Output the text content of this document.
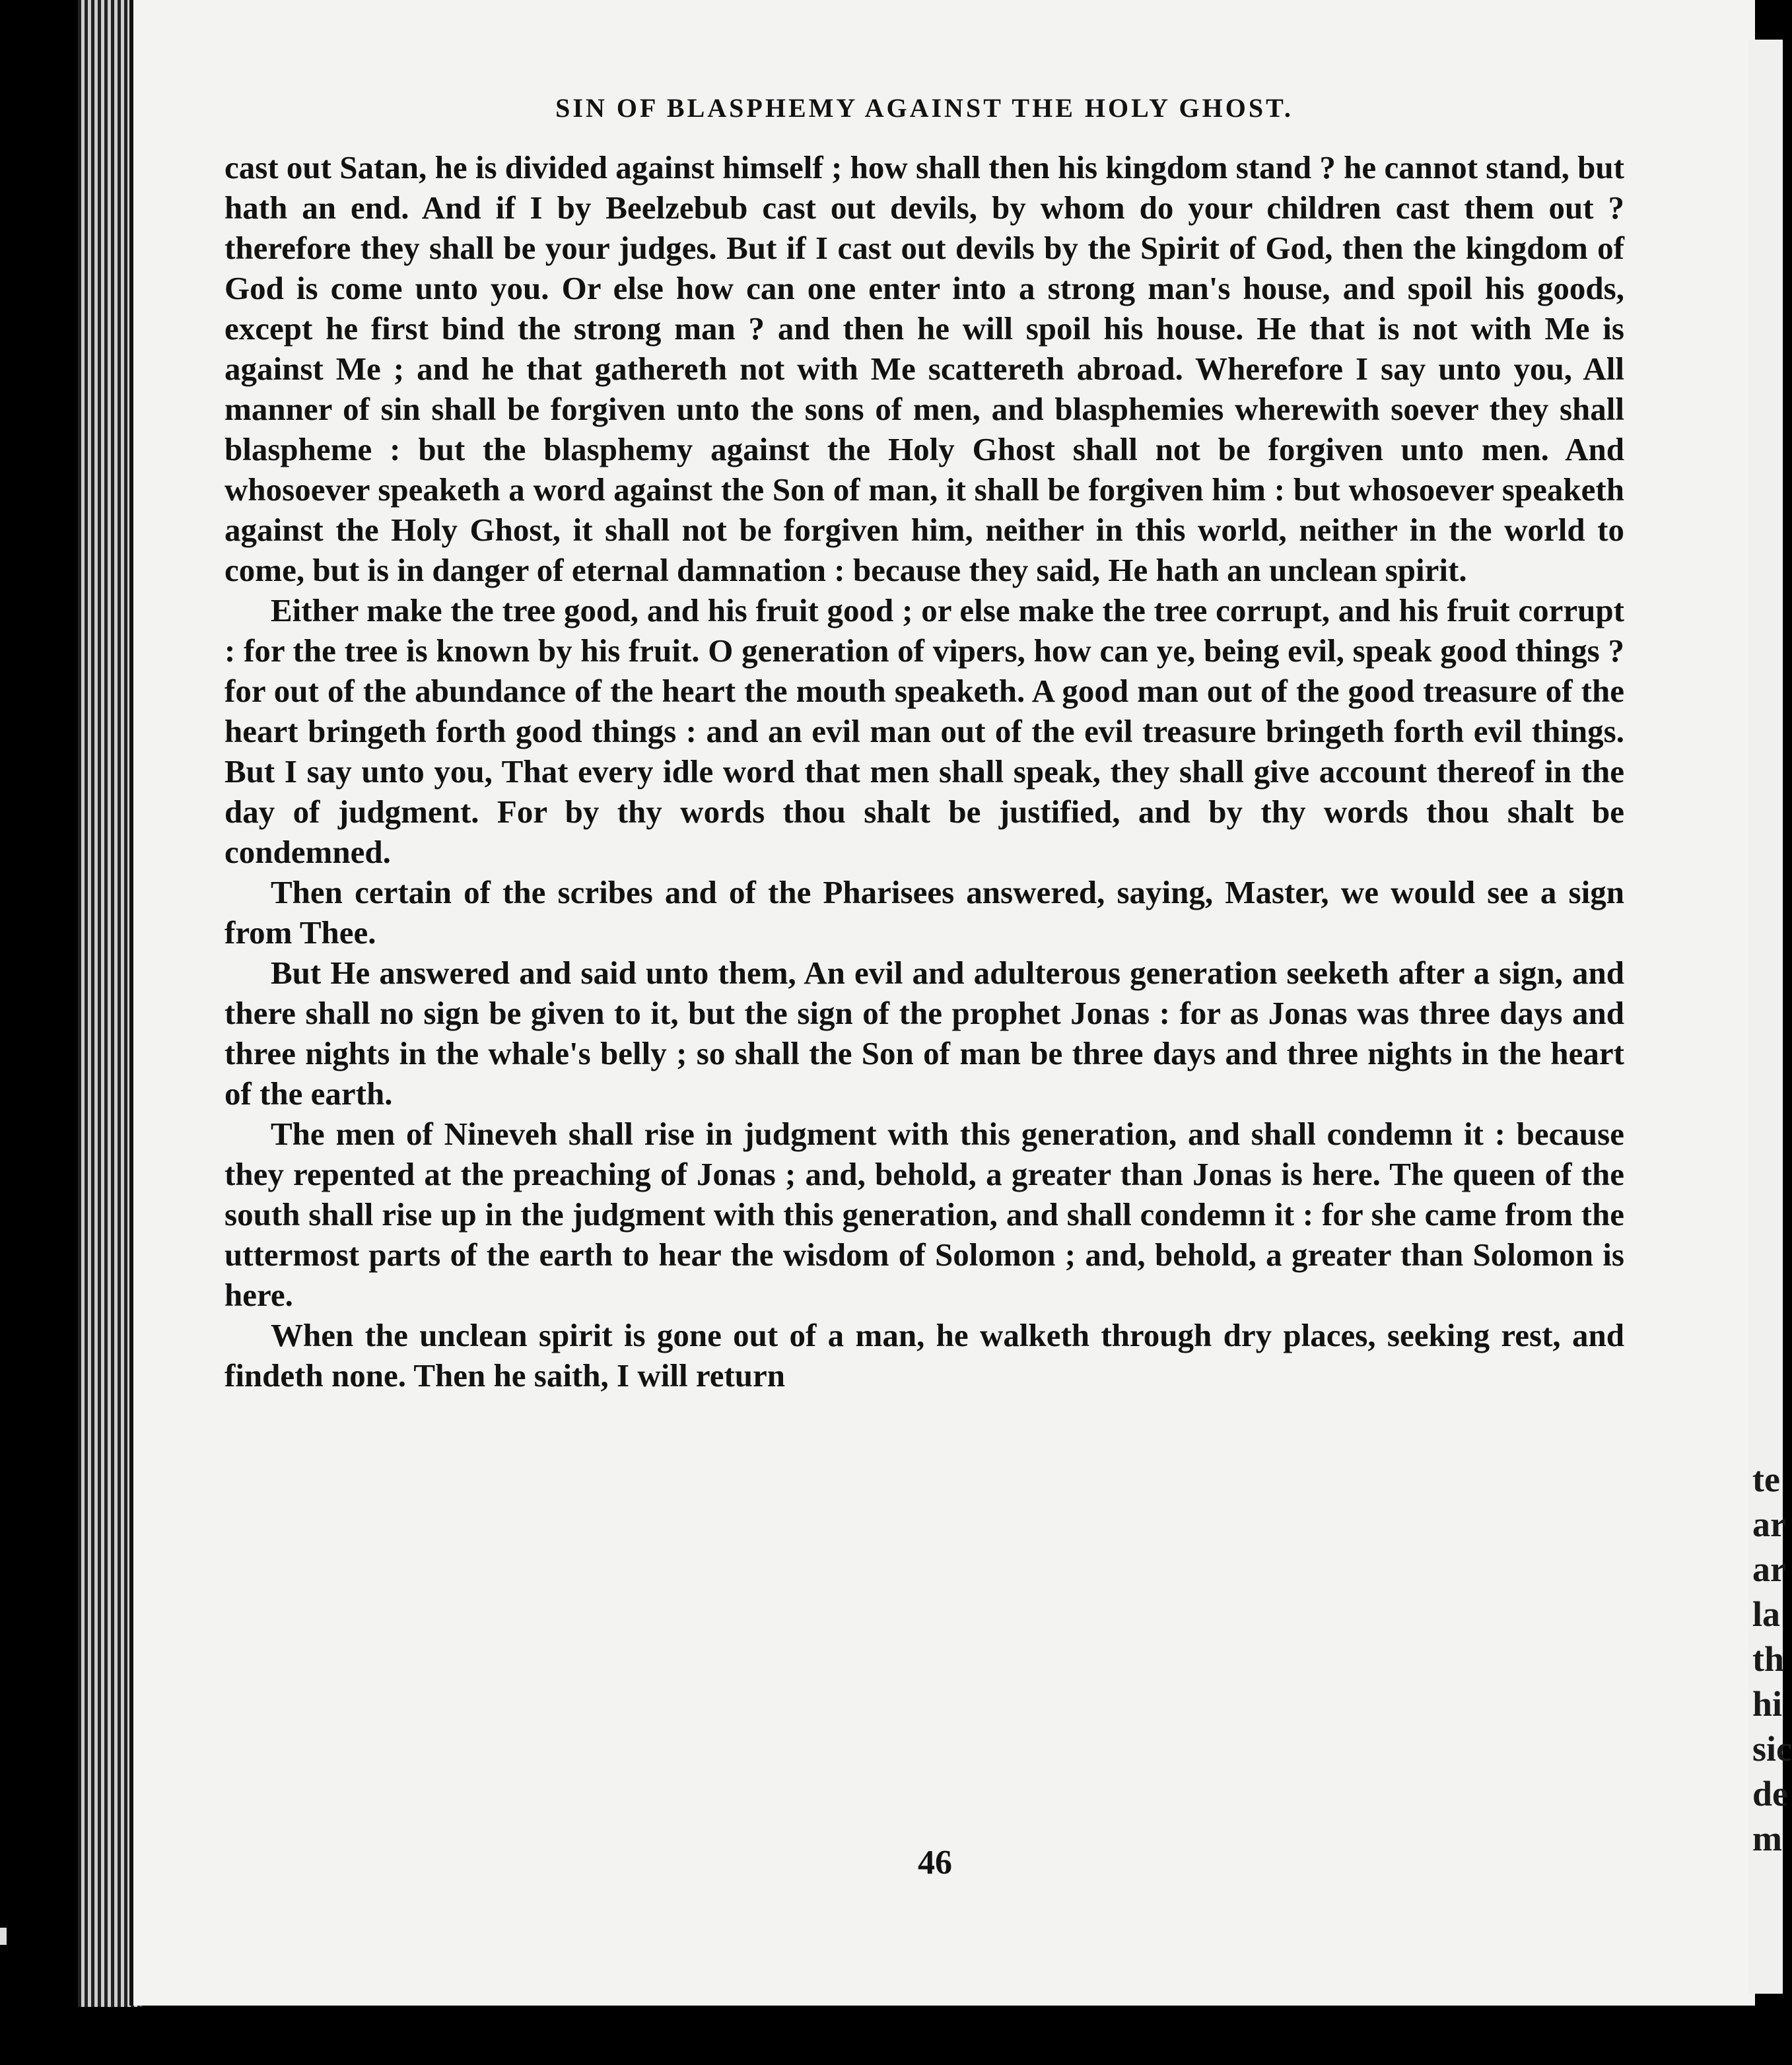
SIN OF BLASPHEMY AGAINST THE HOLY GHOST.

cast out Satan, he is divided against himself ; how shall then his kingdom stand ? he cannot stand, but hath an end. And if I by Beelzebub cast out devils, by whom do your children cast them out ? therefore they shall be your judges. But if I cast out devils by the Spirit of God, then the kingdom of God is come unto you. Or else how can one enter into a strong man's house, and spoil his goods, except he first bind the strong man ? and then he will spoil his house. He that is not with Me is against Me ; and he that gathereth not with Me scattereth abroad. Wherefore I say unto you, All manner of sin shall be forgiven unto the sons of men, and blasphemies wherewith soever they shall blaspheme : but the blasphemy against the Holy Ghost shall not be forgiven unto men. And whosoever speaketh a word against the Son of man, it shall be forgiven him : but whosoever speaketh against the Holy Ghost, it shall not be forgiven him, neither in this world, neither in the world to come, but is in danger of eternal damnation : because they said, He hath an unclean spirit.

Either make the tree good, and his fruit good ; or else make the tree corrupt, and his fruit corrupt : for the tree is known by his fruit. O generation of vipers, how can ye, being evil, speak good things ? for out of the abundance of the heart the mouth speaketh. A good man out of the good treasure of the heart bringeth forth good things : and an evil man out of the evil treasure bringeth forth evil things. But I say unto you, That every idle word that men shall speak, they shall give account thereof in the day of judgment. For by thy words thou shalt be justified, and by thy words thou shalt be condemned.

Then certain of the scribes and of the Pharisees answered, saying, Master, we would see a sign from Thee.

But He answered and said unto them, An evil and adulterous generation seeketh after a sign, and there shall no sign be given to it, but the sign of the prophet Jonas : for as Jonas was three days and three nights in the whale's belly ; so shall the Son of man be three days and three nights in the heart of the earth.

The men of Nineveh shall rise in judgment with this generation, and shall condemn it : because they repented at the preaching of Jonas ; and, behold, a greater than Jonas is here. The queen of the south shall rise up in the judgment with this generation, and shall condemn it : for she came from the uttermost parts of the earth to hear the wisdom of Solomon ; and, behold, a greater than Solomon is here.

When the unclean spirit is gone out of a man, he walketh through dry places, seeking rest, and findeth none. Then he saith, I will return

46
te
ar
ar
la
th
hi
sic
de
m
